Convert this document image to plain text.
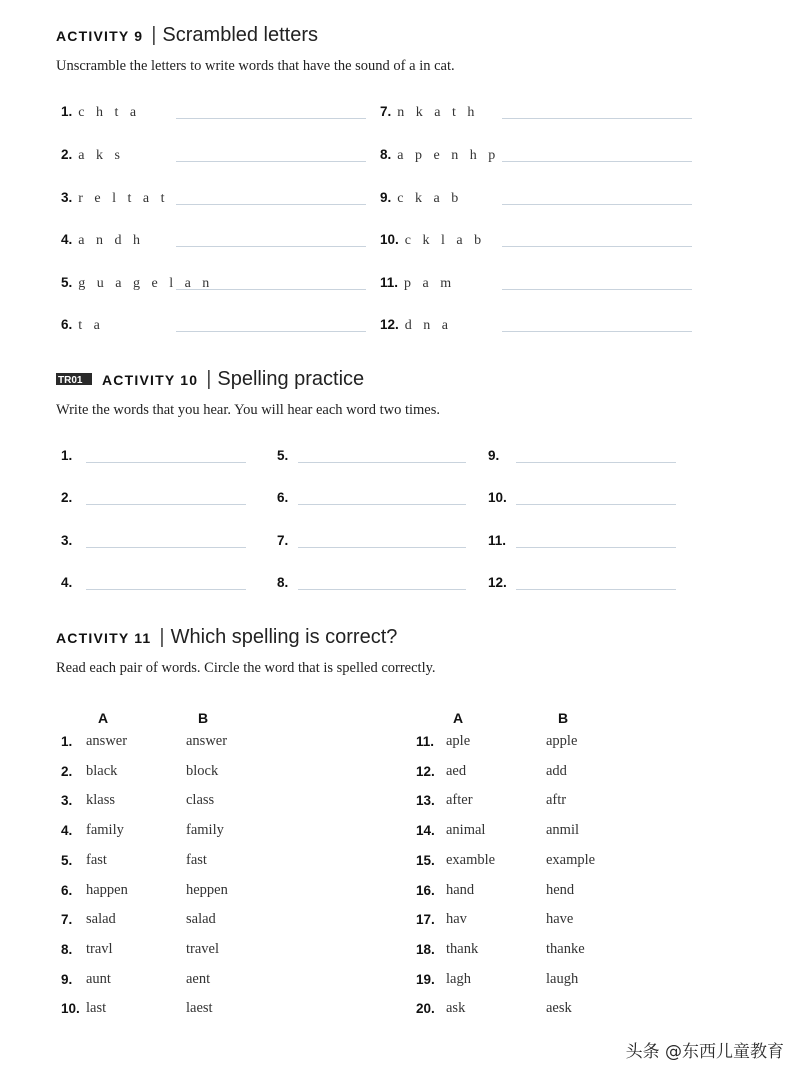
ACTIVITY 9 | Scrambled letters
Unscramble the letters to write words that have the sound of a in cat.
1. c h t a
2. a k s
3. r e l t a t
4. a n d h
5. g u a g e l a n
6. t a
7. n k a t h
8. a p e n h p
9. c k a b
10. c k l a b
11. p a m
12. d n a
TR01 ACTIVITY 10 | Spelling practice
Write the words that you hear. You will hear each word two times.
1.
2.
3.
4.
5.
6.
7.
8.
9.
10.
11.
12.
ACTIVITY 11 | Which spelling is correct?
Read each pair of words. Circle the word that is spelled correctly.
A	B	A	B
1. answer	answer
2. black	block
3. klass	class
4. family	family
5. fast	fast
6. happen	heppen
7. salad	salad
8. travl	travel
9. aunt	aent
10. last	laest
11. aple	apple
12. aed	add
13. after	aftr
14. animal	anmil
15. examble	example
16. hand	hend
17. hav	have
18. thank	thanke
19. lagh	laugh
20. ask	aesk
头条 @东西儿童教育
